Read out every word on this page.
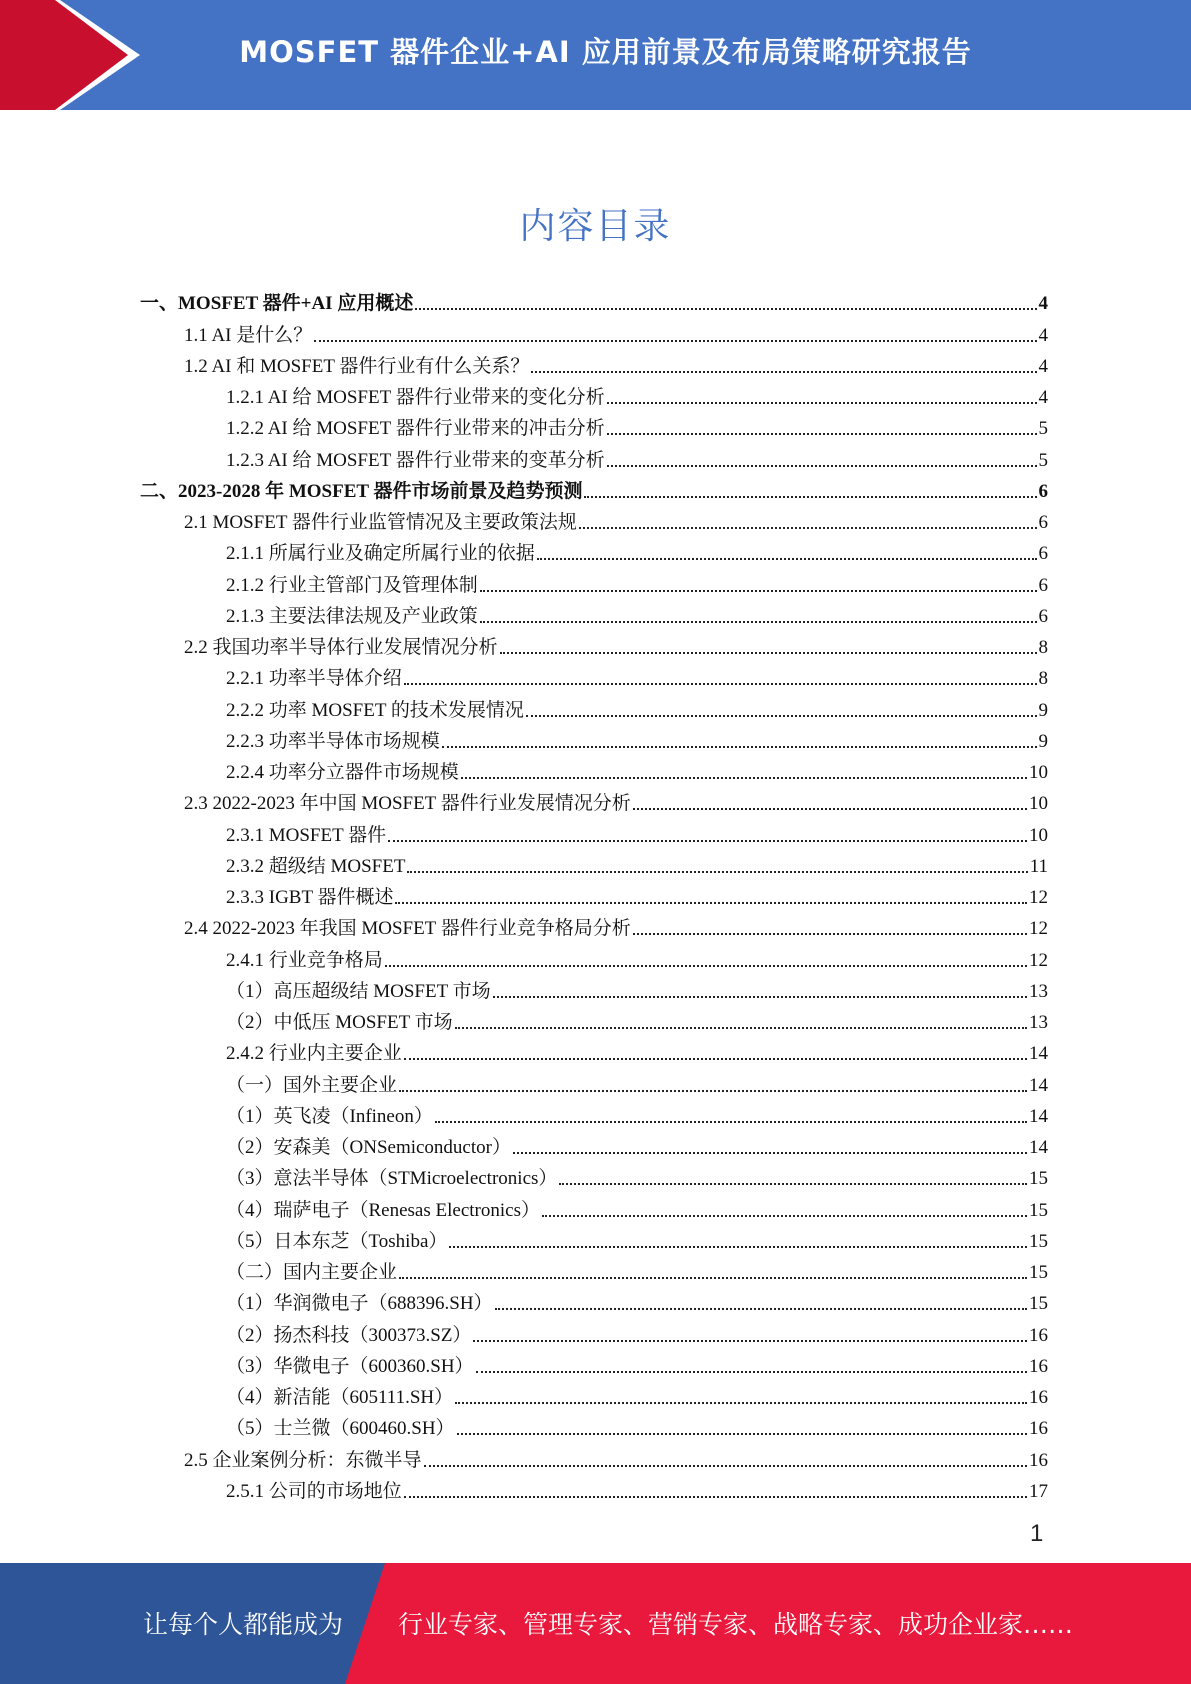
MOSFET 器件企业+AI 应用前景及布局策略研究报告
内容目录
一、MOSFET 器件+AI 应用概述	4
1.1 AI 是什么？	4
1.2 AI 和 MOSFET 器件行业有什么关系？	4
1.2.1 AI 给 MOSFET 器件行业带来的变化分析	4
1.2.2 AI 给 MOSFET 器件行业带来的冲击分析	5
1.2.3 AI 给 MOSFET 器件行业带来的变革分析	5
二、2023-2028 年 MOSFET 器件市场前景及趋势预测	6
2.1 MOSFET 器件行业监管情况及主要政策法规	6
2.1.1 所属行业及确定所属行业的依据	6
2.1.2 行业主管部门及管理体制	6
2.1.3 主要法律法规及产业政策	6
2.2 我国功率半导体行业发展情况分析	8
2.2.1 功率半导体介绍	8
2.2.2 功率 MOSFET 的技术发展情况	9
2.2.3 功率半导体市场规模	9
2.2.4 功率分立器件市场规模	10
2.3 2022-2023 年中国 MOSFET 器件行业发展情况分析	10
2.3.1 MOSFET 器件	10
2.3.2 超级结 MOSFET	11
2.3.3 IGBT 器件概述	12
2.4 2022-2023 年我国 MOSFET 器件行业竞争格局分析	12
2.4.1 行业竞争格局	12
（1）高压超级结 MOSFET 市场	13
（2）中低压 MOSFET 市场	13
2.4.2 行业内主要企业	14
（一）国外主要企业	14
（1）英飞凌（Infineon）	14
（2）安森美（ONSemiconductor）	14
（3）意法半导体（STMicroelectronics）	15
（4）瑞萨电子（Renesas Electronics）	15
（5）日本东芝（Toshiba）	15
（二）国内主要企业	15
（1）华润微电子（688396.SH）	15
（2）扬杰科技（300373.SZ）	16
（3）华微电子（600360.SH）	16
（4）新洁能（605111.SH）	16
（5）士兰微（600460.SH）	16
2.5 企业案例分析：东微半导	16
2.5.1 公司的市场地位	17
1
让每个人都能成为 行业专家、管理专家、营销专家、战略专家、成功企业家……
